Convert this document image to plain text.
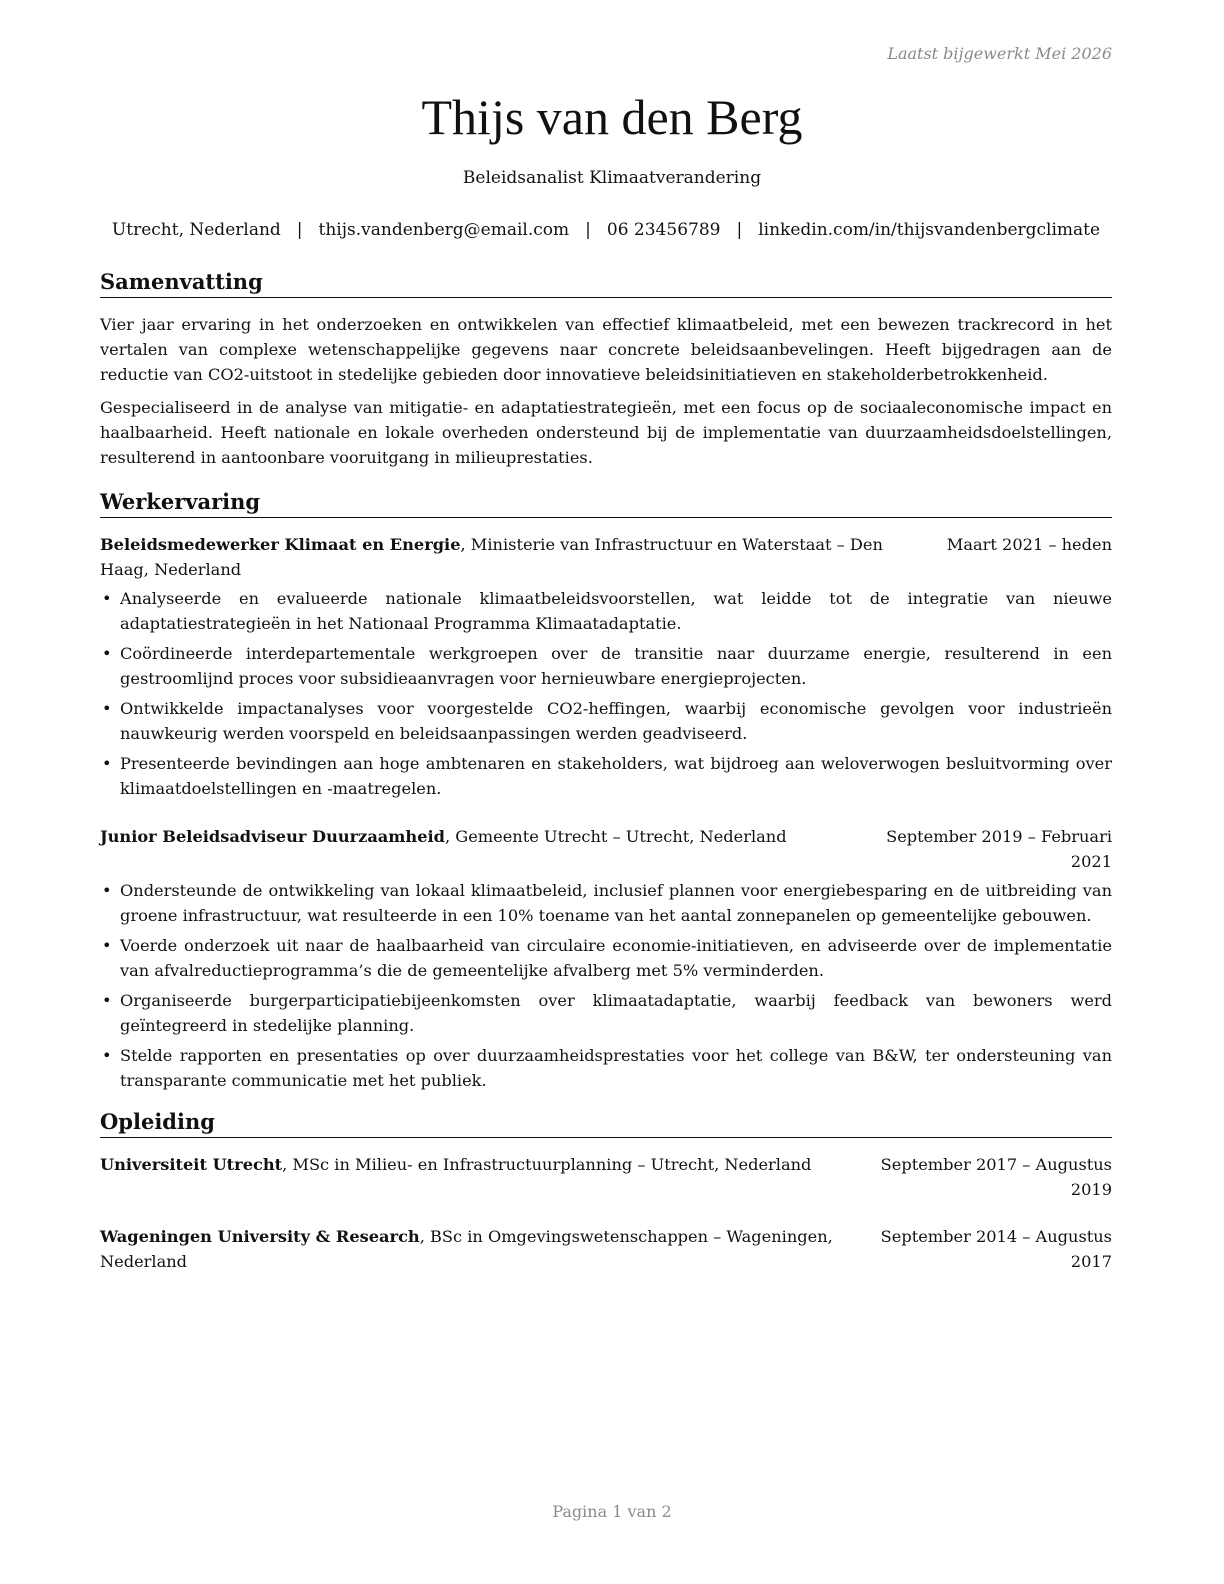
Laatst bijgewerkt Mei 2026
Thijs van den Berg
Beleidsanalist Klimaatverandering
Utrecht, Nederland | thijs.vandenberg@email.com | 06 23456789 | linkedin.com/in/thijsvandenbergclimate
Samenvatting

Vier jaar ervaring in het onderzoeken en ontwikkelen van effectief klimaatbeleid, met een bewezen trackrecord in het vertalen van complexe wetenschappelijke gegevens naar concrete beleidsaanbevelingen. Heeft bijgedragen aan de reductie van CO2-uitstoot in stedelijke gebieden door innovatieve beleidsinitiatieven en stakeholderbetrokkenheid.

Gespecialiseerd in de analyse van mitigatie- en adaptatiestrategieën, met een focus op de sociaaleconomische impact en haalbaarheid. Heeft nationale en lokale overheden ondersteund bij de implementatie van duurzaamheidsdoelstellingen, resulterend in aantoonbare vooruitgang in milieuprestaties.

Werkervaring
Beleidsmedewerker Klimaat en Energie, Ministerie van Infrastructuur en Waterstaat – Den Haag, Nederland
Maart 2021 – heden
• Analyseerde en evalueerde nationale klimaatbeleidsvoorstellen, wat leidde tot de integratie van nieuwe adaptatiestrategieën in het Nationaal Programma Klimaatadaptatie.
• Coördineerde interdepartementale werkgroepen over de transitie naar duurzame energie, resulterend in een gestroomlijnd proces voor subsidieaanvragen voor hernieuwbare energieprojecten.
• Ontwikkelde impactanalyses voor voorgestelde CO2-heffingen, waarbij economische gevolgen voor industrieën nauwkeurig werden voorspeld en beleidsaanpassingen werden geadviseerd.
• Presenteerde bevindingen aan hoge ambtenaren en stakeholders, wat bijdroeg aan weloverwogen besluitvorming over klimaatdoelstellingen en -maatregelen.
Junior Beleidsadviseur Duurzaamheid, Gemeente Utrecht – Utrecht, Nederland	September 2019 – Februari 2021
• Ondersteunde de ontwikkeling van lokaal klimaatbeleid, inclusief plannen voor energiebesparing en de uitbreiding van groene infrastructuur, wat resulteerde in een 10% toename van het aantal zonnepanelen op gemeentelijke gebouwen.
• Voerde onderzoek uit naar de haalbaarheid van circulaire economie-initiatieven, en adviseerde over de implementatie van afvalreductieprogramma’s die de gemeentelijke afvalberg met 5% verminderden.
• Organiseerde burgerparticipatiebijeenkomsten over klimaatadaptatie, waarbij feedback van bewoners werd geïntegreerd in stedelijke planning.
• Stelde rapporten en presentaties op over duurzaamheidsprestaties voor het college van B&W, ter ondersteuning van transparante communicatie met het publiek.
Opleiding
Universiteit Utrecht, MSc in Milieu- en Infrastructuurplanning – Utrecht, Nederland	September 2017 – Augustus 2019
Wageningen University & Research, BSc in Omgevingswetenschappen – Wageningen, Nederland
September 2014 – Augustus 2017
Pagina 1 van 2
